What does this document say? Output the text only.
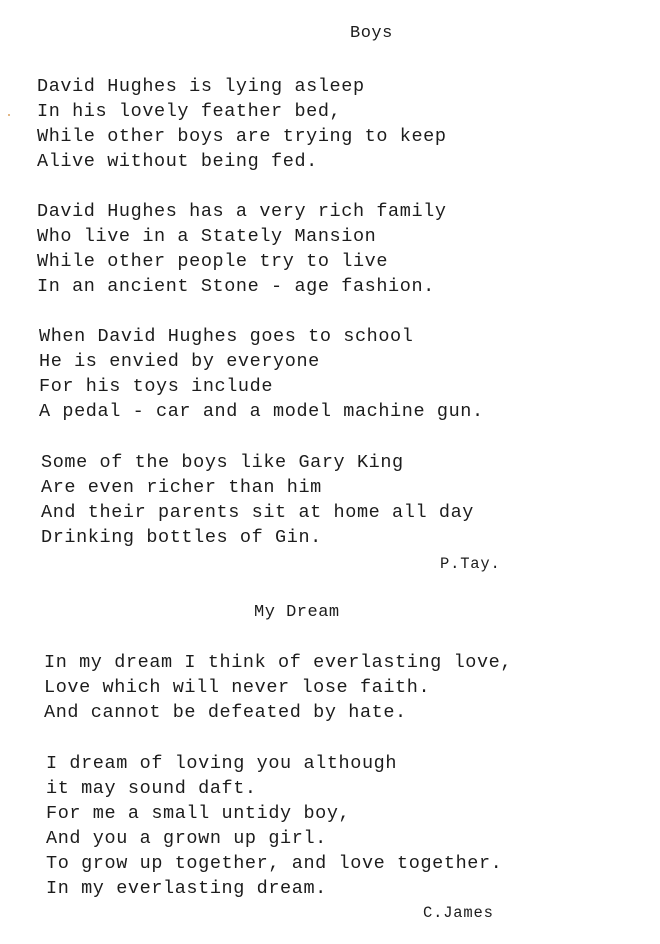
Boys
David Hughes is lying asleep
In his lovely feather bed,
While other boys are trying to keep
Alive without being fed.
David Hughes has a very rich family
Who live in a Stately Mansion
While other people try to live
In an ancient Stone - age fashion.
When David Hughes goes to school
He is envied by everyone
For his toys include
A pedal - car and a model machine gun.
Some of the boys like Gary King
Are even richer than him
And their parents sit at home all day
Drinking bottles of Gin.
P.Tay.
My Dream
In my dream I think of everlasting love,
Love which will never lose faith.
And cannot be defeated by hate.
I dream of loving you although
it may sound daft.
For me a small untidy boy,
And you a grown up girl.
To grow up together, and love together.
In my everlasting dream.
C.James
